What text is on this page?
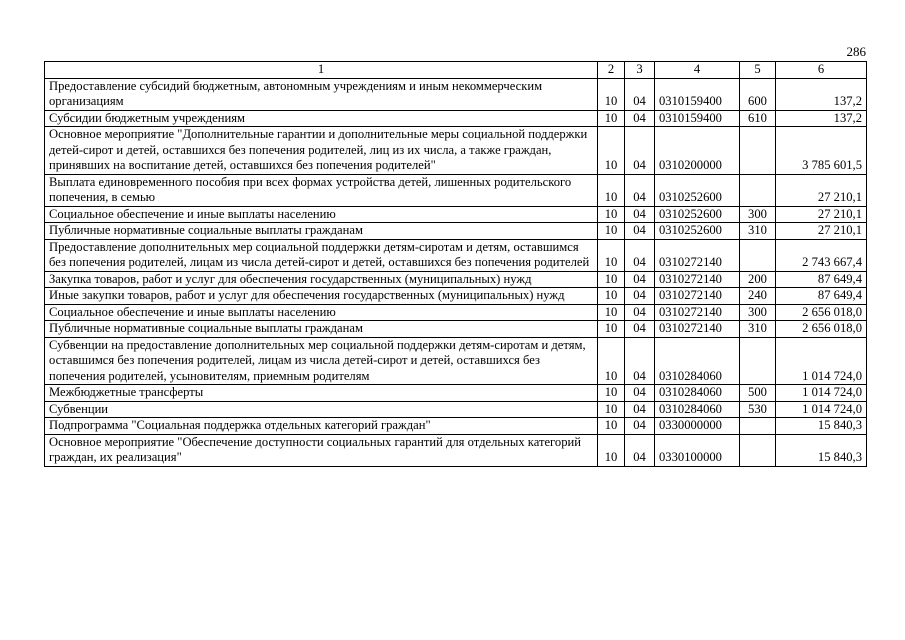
286
1	2	3	4	5	6
Предоставление субсидий бюджетным, автономным учреждениям и иным некоммерческим организациям	10	04	0310159400	600	137,2
Субсидии бюджетным учреждениям	10	04	0310159400	610	137,2
Основное мероприятие "Дополнительные гарантии и дополнительные меры социальной поддержки детей-сирот и детей, оставшихся без попечения родителей, лиц из их числа, а также граждан, принявших на воспитание детей, оставшихся без попечения родителей"	10	04	0310200000		3 785 601,5
Выплата единовременного пособия при всех формах устройства детей, лишенных родительского попечения, в семью	10	04	0310252600		27 210,1
Социальное обеспечение и иные выплаты населению	10	04	0310252600	300	27 210,1
Публичные нормативные социальные выплаты гражданам	10	04	0310252600	310	27 210,1
Предоставление дополнительных мер социальной поддержки детям-сиротам и детям, оставшимся без попечения родителей, лицам из числа детей-сирот и детей, оставшихся без попечения родителей	10	04	0310272140		2 743 667,4
Закупка товаров, работ и услуг для обеспечения государственных (муниципальных) нужд	10	04	0310272140	200	87 649,4
Иные закупки товаров, работ и услуг для обеспечения государственных (муниципальных) нужд	10	04	0310272140	240	87 649,4
Социальное обеспечение и иные выплаты населению	10	04	0310272140	300	2 656 018,0
Публичные нормативные социальные выплаты гражданам	10	04	0310272140	310	2 656 018,0
Субвенции на предоставление дополнительных мер социальной поддержки детям-сиротам и детям, оставшимся без попечения родителей, лицам из числа детей-сирот и детей, оставшихся без попечения родителей, усыновителям, приемным родителям	10	04	0310284060		1 014 724,0
Межбюджетные трансферты	10	04	0310284060	500	1 014 724,0
Субвенции	10	04	0310284060	530	1 014 724,0
Подпрограмма "Социальная поддержка отдельных категорий граждан"	10	04	0330000000		15 840,3
Основное мероприятие "Обеспечение доступности социальных гарантий для отдельных категорий граждан, их реализация"	10	04	0330100000		15 840,3
